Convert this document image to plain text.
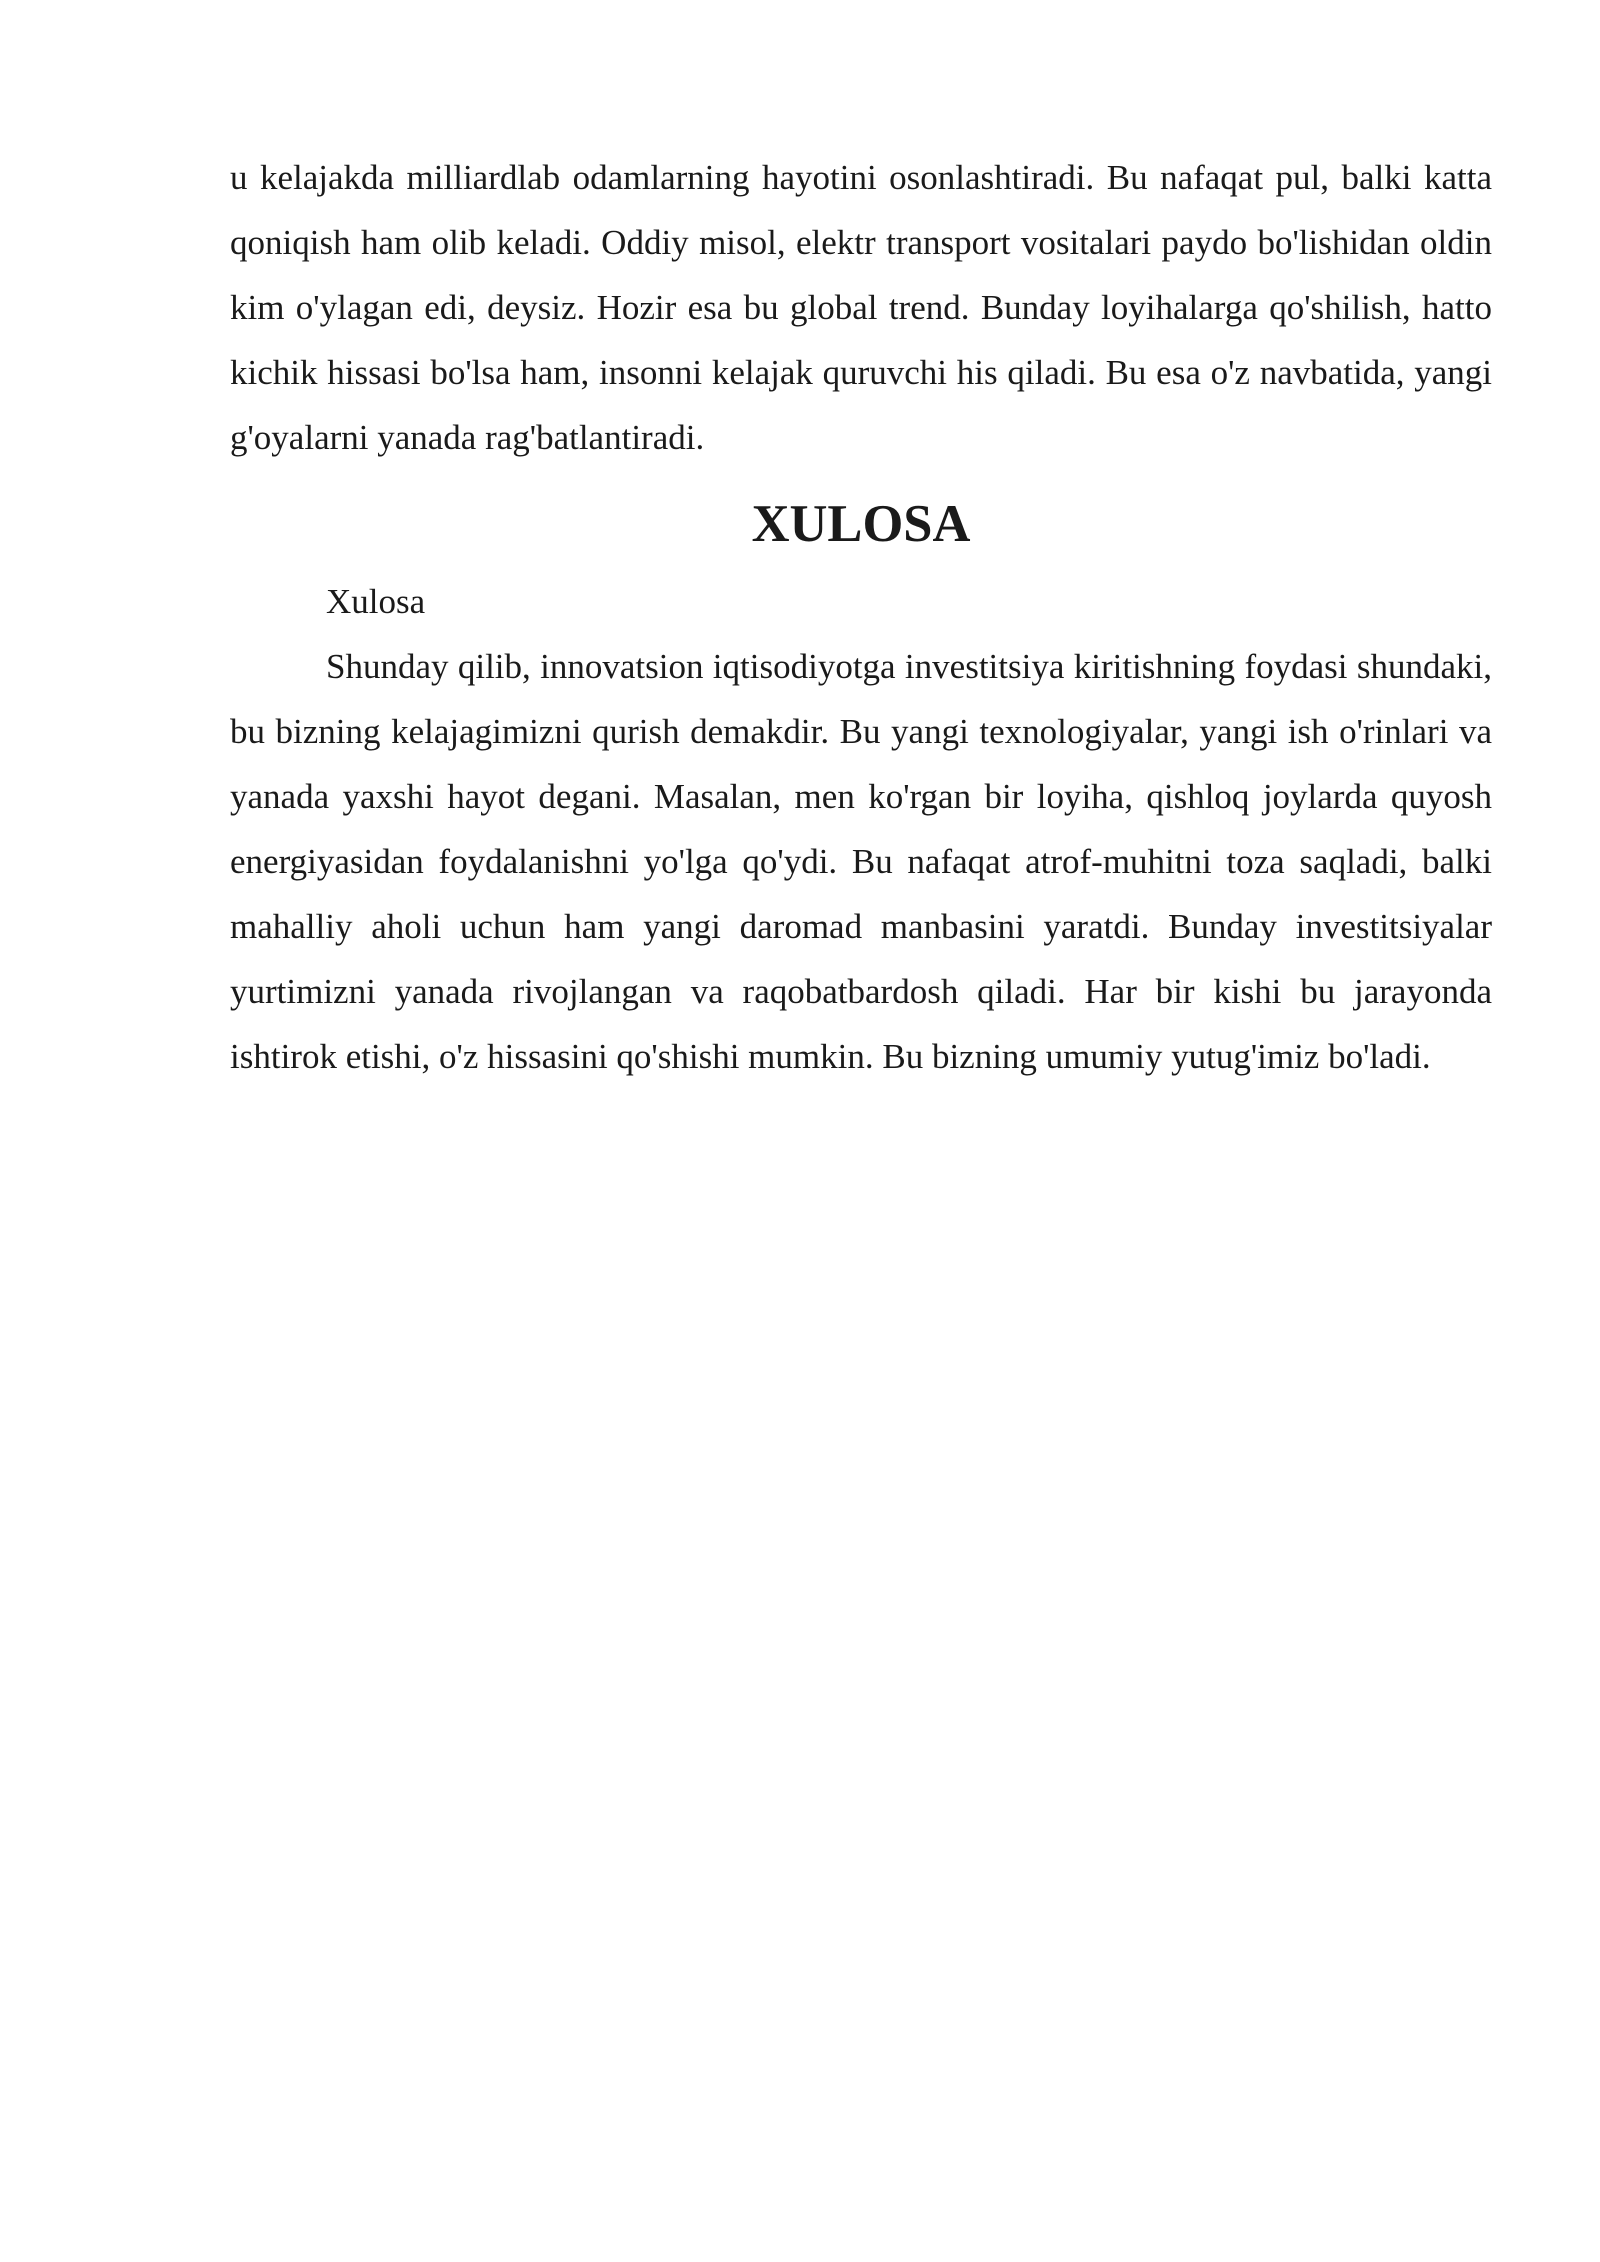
u kelajakda milliardlab odamlarning hayotini osonlashtiradi. Bu nafaqat pul, balki katta qoniqish ham olib keladi. Oddiy misol, elektr transport vositalari paydo bo'lishidan oldin kim o'ylagan edi, deysiz. Hozir esa bu global trend. Bunday loyihalarga qo'shilish, hatto kichik hissasi bo'lsa ham, insonni kelajak quruvchi his qiladi. Bu esa o'z navbatida, yangi g'oyalarni yanada rag'batlantiradi.

XULOSA

Xulosa

Shunday qilib, innovatsion iqtisodiyotga investitsiya kiritishning foydasi shundaki, bu bizning kelajagimizni qurish demakdir. Bu yangi texnologiyalar, yangi ish o'rinlari va yanada yaxshi hayot degani. Masalan, men ko'rgan bir loyiha, qishloq joylarda quyosh energiyasidan foydalanishni yo'lga qo'ydi. Bu nafaqat atrof-muhitni toza saqladi, balki mahalliy aholi uchun ham yangi daromad manbasini yaratdi. Bunday investitsiyalar yurtimizni yanada rivojlangan va raqobatbardosh qiladi. Har bir kishi bu jarayonda ishtirok etishi, o'z hissasini qo'shishi mumkin. Bu bizning umumiy yutug'imiz bo'ladi.
